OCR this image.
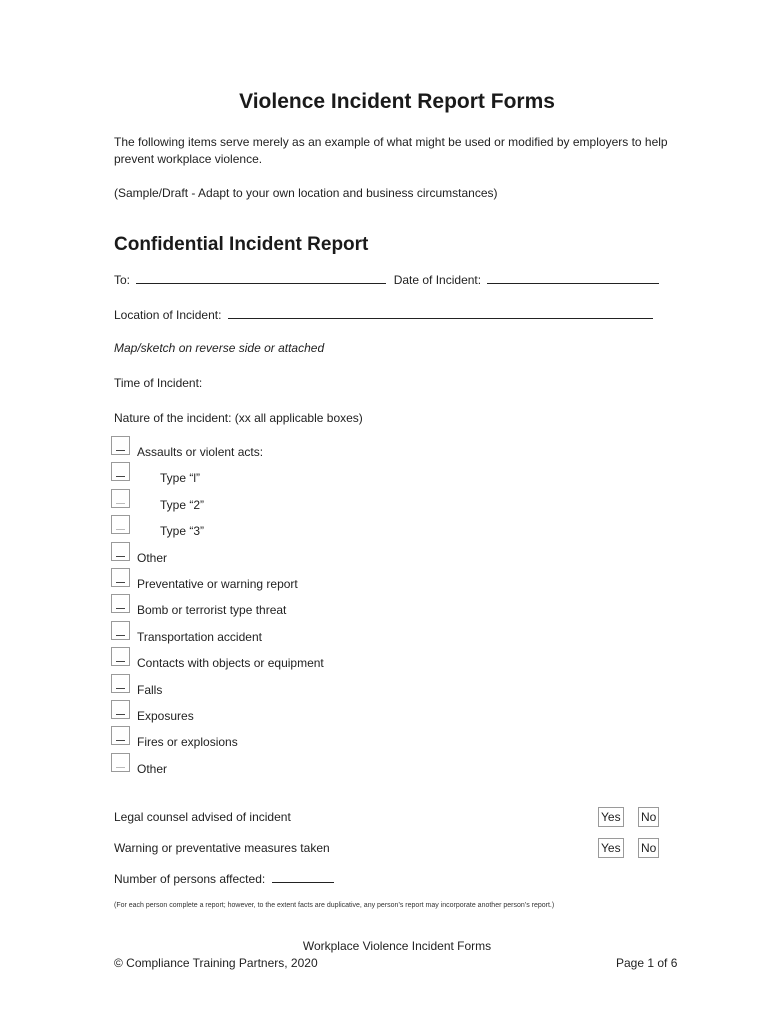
Violence Incident Report Forms
The following items serve merely as an example of what might be used or modified by employers to help prevent workplace violence.
(Sample/Draft - Adapt to your own location and business circumstances)
Confidential Incident Report
To:	Date of Incident:
Location of Incident:
Map/sketch on reverse side or attached
Time of Incident:
Nature of the incident: (xx all applicable boxes)
Assaults or violent acts:
Type “l”
Type “2”
Type “3”
Other
Preventative or warning report
Bomb or terrorist type threat
Transportation accident
Contacts with objects or equipment
Falls
Exposures
Fires or explosions
Other
Legal counsel advised of incident	Yes No
Warning or preventative measures taken	Yes No
Number of persons affected:
(For each person complete a report; however, to the extent facts are duplicative, any person’s report may incorporate another person’s report.)
Workplace Violence Incident Forms
© Compliance Training Partners, 2020	Page 1 of 6
